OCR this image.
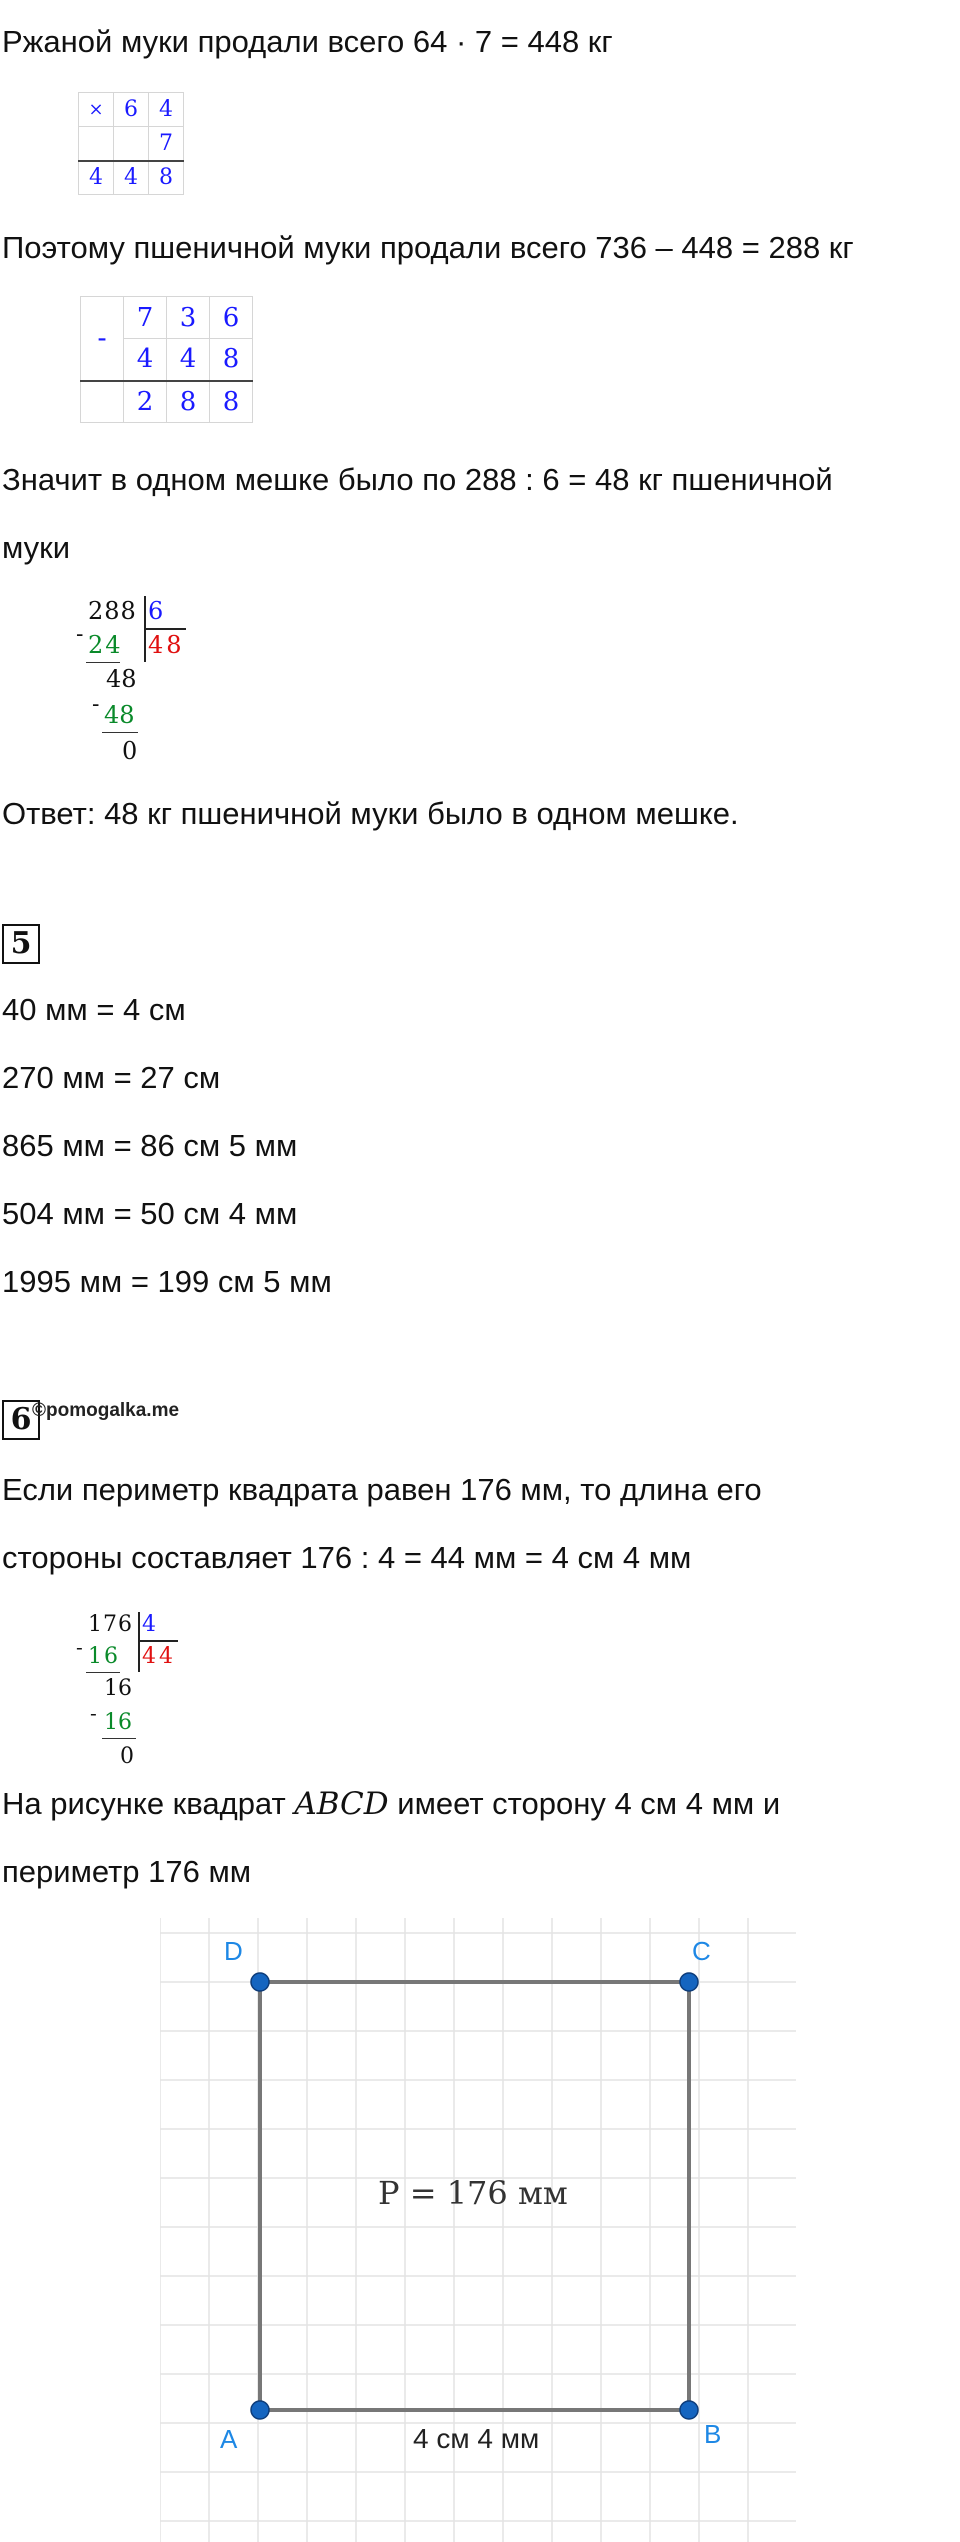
Ржаной муки продали всего 64 · 7 = 448 кг
×	6	4
		7
4	4	8
Поэтому пшеничной муки продали всего 736 – 448 = 288 кг
-	7	3	6
	4	4	8
	2	8	8
Значит в одном мешке было по 288 : 6 = 48 кг пшеничной
муки
288 6
48
- 24
48
- 48
0
Ответ: 48 кг пшеничной муки было в одном мешке.
5
40 мм = 4 см
270 мм = 27 см
865 мм = 86 см 5 мм
504 мм = 50 см 4 мм
1995 мм = 199 см 5 мм
6 ©pomogalka.me
Если периметр квадрата равен 176 мм, то длина его
стороны составляет 176 : 4 = 44 мм = 4 см 4 мм
176 4
44
- 16
16
- 16
0
На рисунке квадрат ABCD имеет сторону 4 см 4 мм и
периметр 176 мм
D	C
A	B
P = 176 мм
4 см 4 мм
